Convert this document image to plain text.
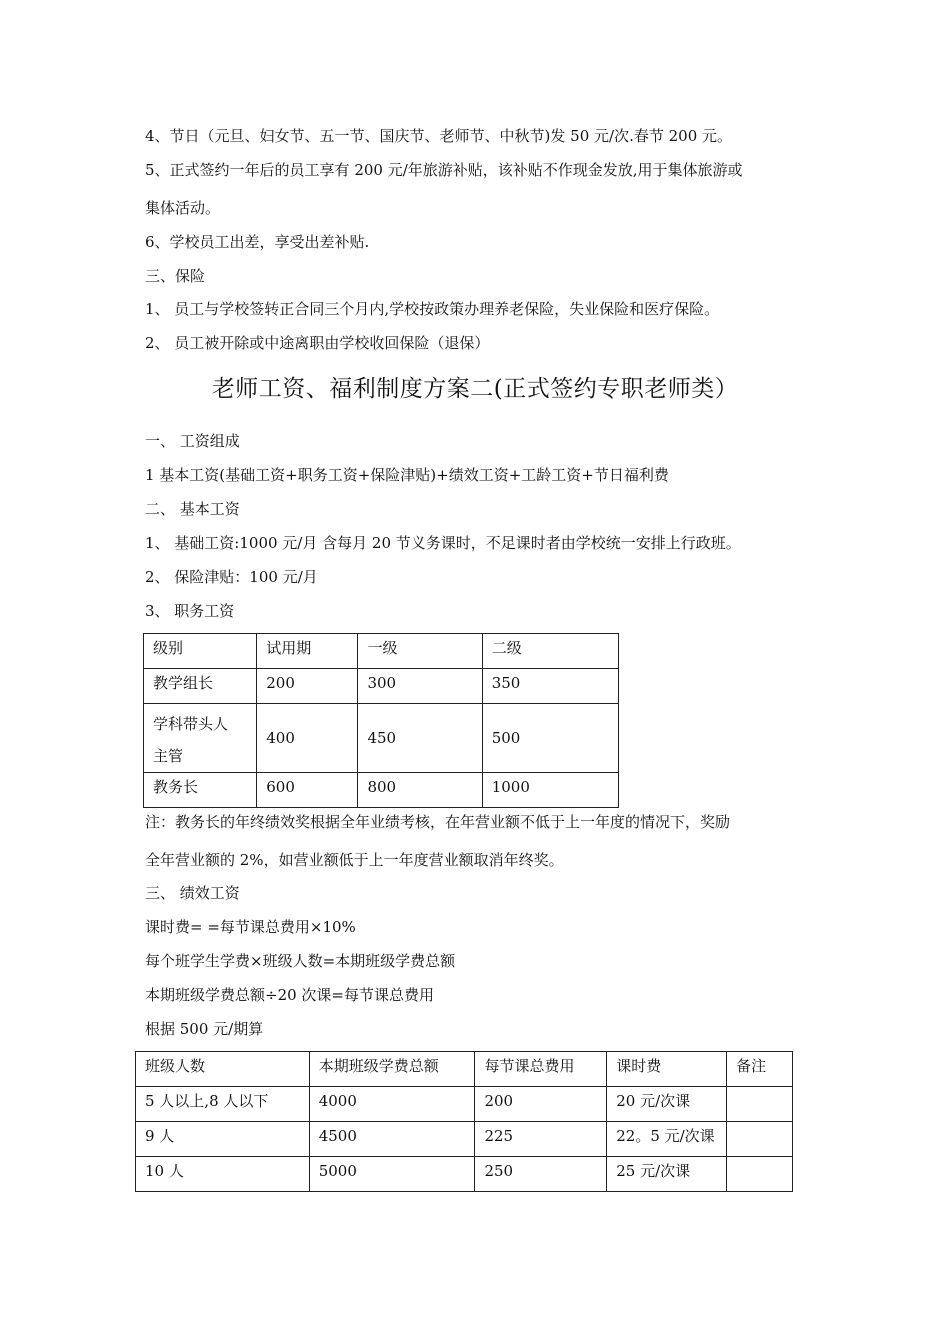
4、节日（元旦、妇女节、五一节、国庆节、老师节、中秋节)发 50 元/次.春节 200 元。
5、正式签约一年后的员工享有 200 元/年旅游补贴，该补贴不作现金发放,用于集体旅游或
集体活动。
6、学校员工出差，享受出差补贴.
三、保险
1、 员工与学校签转正合同三个月内,学校按政策办理养老保险，失业保险和医疗保险。
2、 员工被开除或中途离职由学校收回保险（退保）
老师工资、福利制度方案二(正式签约专职老师类）
一、 工资组成
1 基本工资(基础工资+职务工资+保险津贴)+绩效工资+工龄工资+节日福利费
二、 基本工资
1、 基础工资:1000 元/月 含每月 20 节义务课时，不足课时者由学校统一安排上行政班。
2、 保险津贴：100 元/月
3、 职务工资
级别	试用期	一级	二级
教学组长	200	300	350

学科带头人
主管	400	450	500
教务长	600	800	1000
注：教务长的年终绩效奖根据全年业绩考核，在年营业额不低于上一年度的情况下，奖励
全年营业额的 2%，如营业额低于上一年度营业额取消年终奖。
三、 绩效工资
课时费= =每节课总费用×10%
每个班学生学费×班级人数=本期班级学费总额
本期班级学费总额÷20 次课=每节课总费用
根据 500 元/期算
班级人数	本期班级学费总额	每节课总费用	课时费	备注
5 人以上,8 人以下	4000	200	20 元/次课	
9 人	4500	225	22。5 元/次课	
10 人	5000	250	25 元/次课	
